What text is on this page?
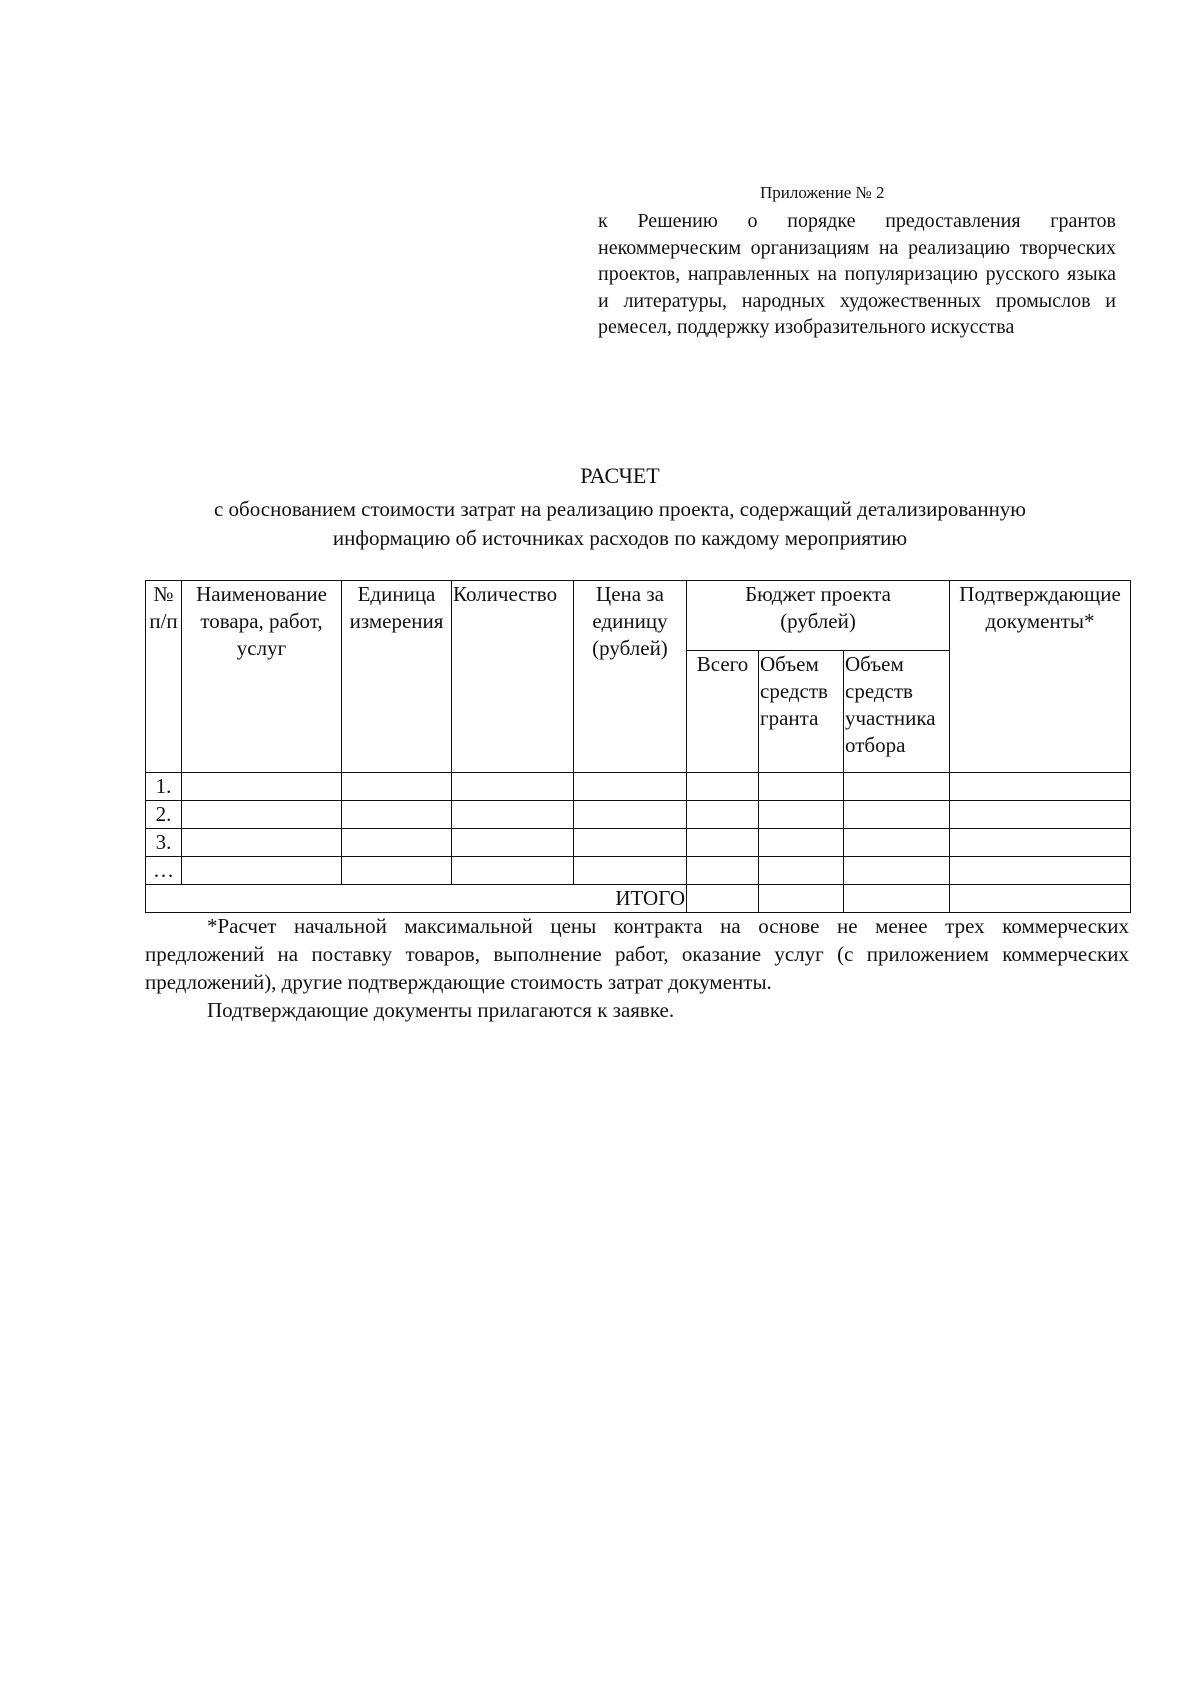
Приложение № 2
к Решению о порядке предоставления грантов некоммерческим организациям на реализацию творческих проектов, направленных на популяризацию русского языка и литературы, народных художественных промыслов и ремесел, поддержку изобразительного искусства
РАСЧЕТ
с обоснованием стоимости затрат на реализацию проекта, содержащий детализированную
информацию об источниках расходов по каждому мероприятию
№ п/п	Наименование товара, работ, услуг	Единица измерения	Количество	Цена за единицу (рублей)	Бюджет проекта (рублей)			Подтверждающие документы*
					Всего	Объем средств гранта	Объем средств участника отбора	
1.								
2.								
3.								
…								
ИТОГО								

*Расчет начальной максимальной цены контракта на основе не менее трех коммерческих предложений на поставку товаров, выполнение работ, оказание услуг (с приложением коммерческих предложений), другие подтверждающие стоимость затрат документы.

Подтверждающие документы прилагаются к заявке.
